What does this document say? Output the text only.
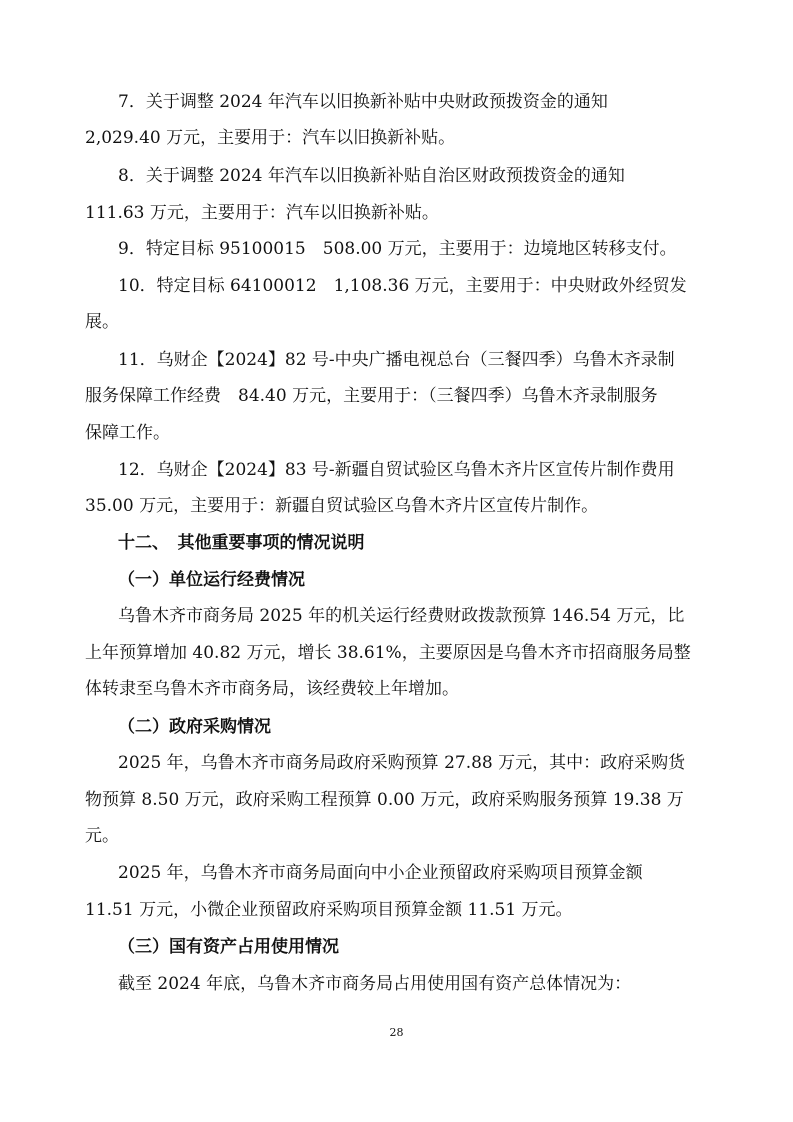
7．关于调整 2024 年汽车以旧换新补贴中央财政预拨资金的通知
2,029.40 万元，主要用于：汽车以旧换新补贴。
8．关于调整 2024 年汽车以旧换新补贴自治区财政预拨资金的通知
111.63 万元，主要用于：汽车以旧换新补贴。
9．特定目标 95100015　508.00 万元，主要用于：边境地区转移支付。
10．特定目标 64100012　1,108.36 万元，主要用于：中央财政外经贸发
展。
11．乌财企【2024】82 号-中央广播电视总台（三餐四季）乌鲁木齐录制
服务保障工作经费　84.40 万元，主要用于：（三餐四季）乌鲁木齐录制服务
保障工作。
12．乌财企【2024】83 号-新疆自贸试验区乌鲁木齐片区宣传片制作费用
35.00 万元，主要用于：新疆自贸试验区乌鲁木齐片区宣传片制作。
十二、　其他重要事项的情况说明
（一）单位运行经费情况
乌鲁木齐市商务局 2025 年的机关运行经费财政拨款预算 146.54 万元，比
上年预算增加 40.82 万元，增长 38.61%，主要原因是乌鲁木齐市招商服务局整
体转隶至乌鲁木齐市商务局，该经费较上年增加。
（二）政府采购情况
2025 年，乌鲁木齐市商务局政府采购预算 27.88 万元，其中：政府采购货
物预算 8.50 万元，政府采购工程预算 0.00 万元，政府采购服务预算 19.38 万
元。
2025 年，乌鲁木齐市商务局面向中小企业预留政府采购项目预算金额
11.51 万元，小微企业预留政府采购项目预算金额 11.51 万元。
（三）国有资产占用使用情况
截至 2024 年底，乌鲁木齐市商务局占用使用国有资产总体情况为：
28
